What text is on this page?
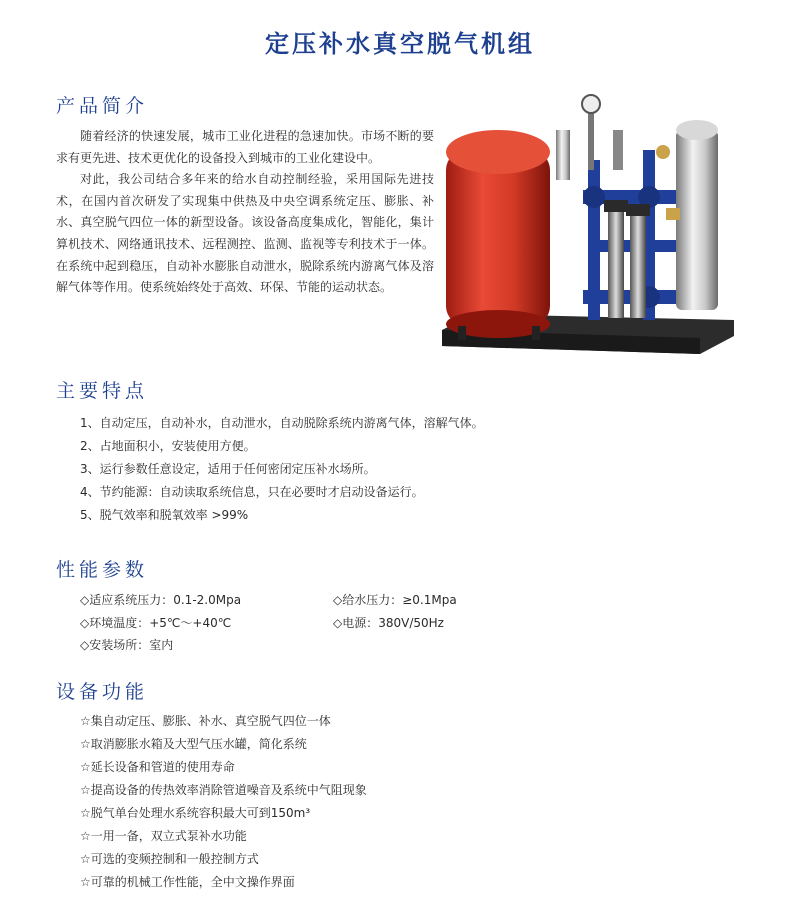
定压补水真空脱气机组
产品简介

随着经济的快速发展，城市工业化进程的急速加快。市场不断的要求有更先进、技术更优化的设备投入到城市的工业化建设中。

对此，我公司结合多年来的给水自动控制经验，采用国际先进技术，在国内首次研发了实现集中供热及中央空调系统定压、膨胀、补水、真空脱气四位一体的新型设备。该设备高度集成化，智能化，集计算机技术、网络通讯技术、远程测控、监测、监视等专利技术于一体。在系统中起到稳压，自动补水膨胀自动泄水，脱除系统内游离气体及溶解气体等作用。使系统始终处于高效、环保、节能的运动状态。

主要特点
1、自动定压，自动补水，自动泄水，自动脱除系统内游离气体，溶解气体。
2、占地面积小，安装使用方便。
3、运行参数任意设定，适用于任何密闭定压补水场所。
4、节约能源：自动读取系统信息，只在必要时才启动设备运行。
5、脱气效率和脱氧效率 >99%
性能参数
◇适应系统压力：0.1-2.0Mpa	◇给水压力：≥0.1Mpa
◇环境温度：+5℃～+40℃	◇电源：380V/50Hz
◇安装场所：室内
设备功能
☆集自动定压、膨胀、补水、真空脱气四位一体
☆取消膨胀水箱及大型气压水罐，简化系统
☆延长设备和管道的使用寿命
☆提高设备的传热效率消除管道噪音及系统中气阻现象
☆脱气单台处理水系统容积最大可到150m³
☆一用一备，双立式泵补水功能
☆可选的变频控制和一般控制方式
☆可靠的机械工作性能，全中文操作界面
